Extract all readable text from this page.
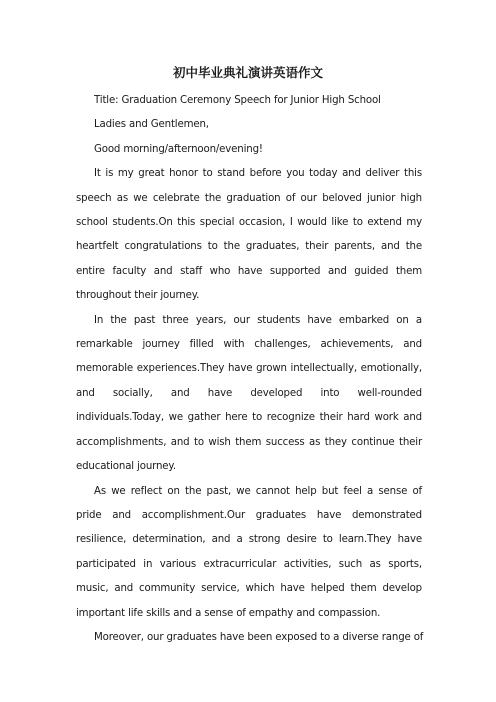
初中毕业典礼演讲英语作文

Title: Graduation Ceremony Speech for Junior High School

Ladies and Gentlemen,

Good morning/afternoon/evening!

It is my great honor to stand before you today and deliver this speech as we celebrate the graduation of our beloved junior high school students.On this special occasion, I would like to extend my heartfelt congratulations to the graduates, their parents, and the entire faculty and staff who have supported and guided them throughout their journey.

In the past three years, our students have embarked on a remarkable journey filled with challenges, achievements, and memorable experiences.They have grown intellectually, emotionally, and socially, and have developed into well-rounded individuals.Today, we gather here to recognize their hard work and accomplishments, and to wish them success as they continue their educational journey.

As we reflect on the past, we cannot help but feel a sense of pride and accomplishment.Our graduates have demonstrated resilience, determination, and a strong desire to learn.They have participated in various extracurricular activities, such as sports, music, and community service, which have helped them develop important life skills and a sense of empathy and compassion.

Moreover, our graduates have been exposed to a diverse range of
